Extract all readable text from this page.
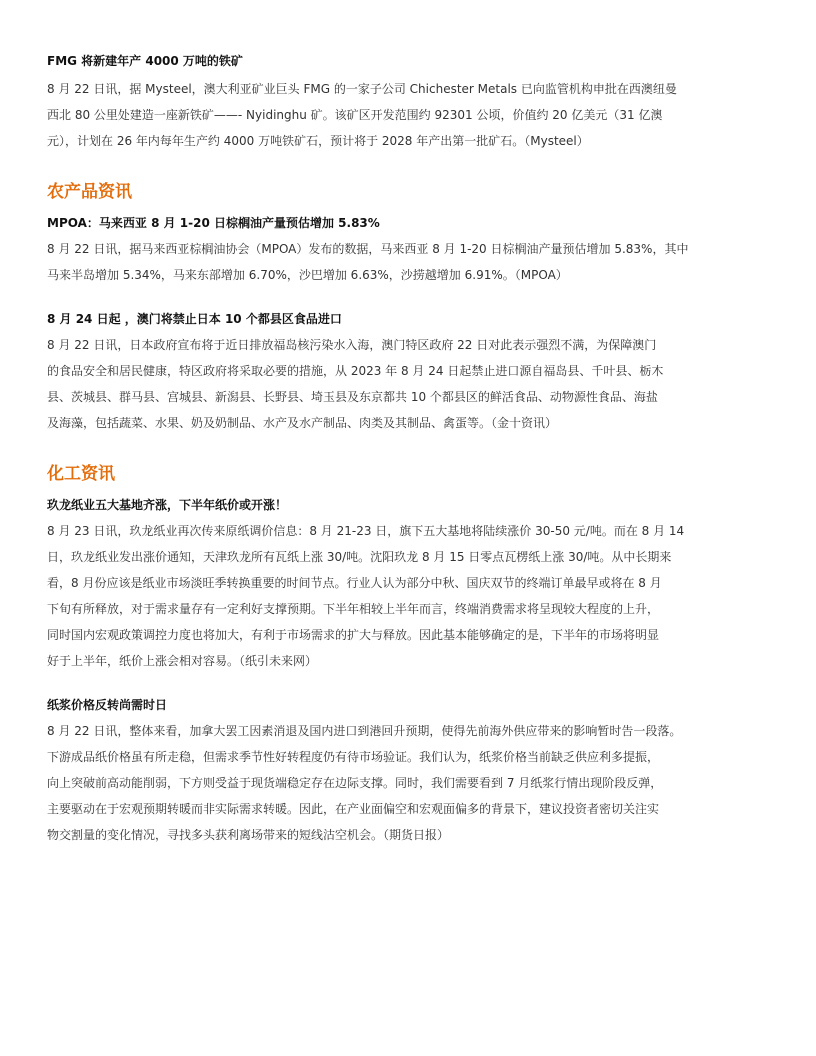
FMG 将新建年产 4000 万吨的铁矿

8 月 22 日讯，据 Mysteel，澳大利亚矿业巨头 FMG 的一家子公司 Chichester Metals 已向监管机构申批在西澳纽曼

西北 80 公里处建造一座新铁矿——- Nyidinghu 矿。该矿区开发范围约 92301 公顷，价值约 20 亿美元（31 亿澳

元），计划在 26 年内每年生产约 4000 万吨铁矿石，预计将于 2028 年产出第一批矿石。（Mysteel）

农产品资讯

MPOA：马来西亚 8 月 1-20 日棕榈油产量预估增加 5.83%

8 月 22 日讯，据马来西亚棕榈油协会（MPOA）发布的数据，马来西亚 8 月 1-20 日棕榈油产量预估增加 5.83%，其中

马来半岛增加 5.34%，马来东部增加 6.70%，沙巴增加 6.63%，沙捞越增加 6.91%。（MPOA）

8 月 24 日起 ，澳门将禁止日本 10 个都县区食品进口

8 月 22 日讯，日本政府宣布将于近日排放福岛核污染水入海，澳门特区政府 22 日对此表示强烈不满，为保障澳门

的食品安全和居民健康，特区政府将采取必要的措施，从 2023 年 8 月 24 日起禁止进口源自福岛县、千叶县、栃木

县、茨城县、群马县、宫城县、新潟县、长野县、埼玉县及东京都共 10 个都县区的鲜活食品、动物源性食品、海盐

及海藻，包括蔬菜、水果、奶及奶制品、水产及水产制品、肉类及其制品、禽蛋等。（金十资讯）

化工资讯

玖龙纸业五大基地齐涨，下半年纸价或开涨！

8 月 23 日讯，玖龙纸业再次传来原纸调价信息：8 月 21-23 日，旗下五大基地将陆续涨价 30-50 元/吨。而在 8 月 14

日，玖龙纸业发出涨价通知，天津玖龙所有瓦纸上涨 30/吨。沈阳玖龙 8 月 15 日零点瓦楞纸上涨 30/吨。从中长期来

看，8 月份应该是纸业市场淡旺季转换重要的时间节点。行业人认为部分中秋、国庆双节的终端订单最早或将在 8 月

下旬有所释放，对于需求量存有一定利好支撑预期。下半年相较上半年而言，终端消费需求将呈现较大程度的上升，

同时国内宏观政策调控力度也将加大，有利于市场需求的扩大与释放。因此基本能够确定的是，下半年的市场将明显

好于上半年，纸价上涨会相对容易。（纸引未来网）

纸浆价格反转尚需时日

8 月 22 日讯，整体来看，加拿大罢工因素消退及国内进口到港回升预期，使得先前海外供应带来的影响暂时告一段落。

下游成品纸价格虽有所走稳，但需求季节性好转程度仍有待市场验证。我们认为，纸浆价格当前缺乏供应利多提振，

向上突破前高动能削弱，下方则受益于现货端稳定存在边际支撑。同时，我们需要看到 7 月纸浆行情出现阶段反弹，

主要驱动在于宏观预期转暖而非实际需求转暖。因此，在产业面偏空和宏观面偏多的背景下，建议投资者密切关注实

物交割量的变化情况，寻找多头获利离场带来的短线沽空机会。（期货日报）
